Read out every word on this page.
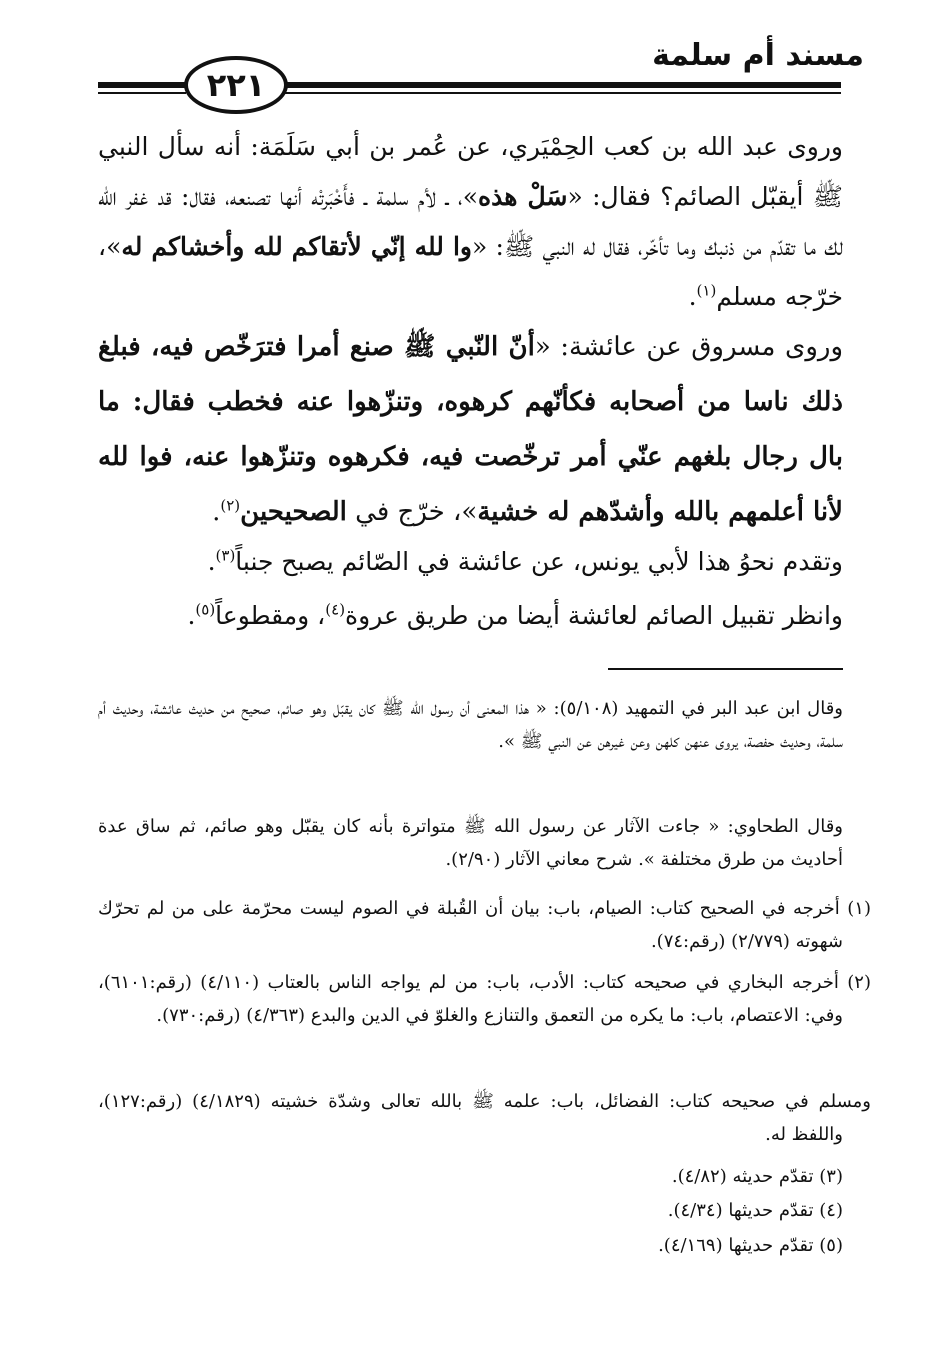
مسند أم سلمة
٢٢١

وروى عبد الله بن كعب الحِمْيَري، عن عُمر بن أبي سَلَمَة: أنه سأل النبي ﷺ أيقبّل الصائم؟ فقال: «سَلْ هذه»، ـ لأم سلمة ـ فأَخْبَرتْه أنها تصنعه، فقال: قد غفر الله لك ما تقدّم من ذنبك وما تأخّر، فقال له النبي ﷺ: «وا لله إنّي لأتقاكم لله وأخشاكم له»، خرّجه مسلم$^{(١)}$.

وروى مسروق عن عائشة: «أنّ النّبي ﷺ صنع أمرا فترَخّص فيه، فبلغ ذلك ناسا من أصحابه فكأنّهم كرهوه، وتنزّهوا عنه فخطب فقال: ما بال رجال بلغهم عنّي أمر ترخّصت فيه، فكرهوه وتنزّهوا عنه، فوا لله لأنا أعلمهم بالله وأشدّهم له خشية»، خرّج في الصحيحين$^{(٢)}$.

وتقدم نحوُ هذا لأبي يونس، عن عائشة في الصّائم يصبح جنباً$^{(٣)}$.

وانظر تقبيل الصائم لعائشة أيضا من طريق عروة$^{(٤)}$، ومقطوعاً$^{(٥)}$.

وقال ابن عبد البر في التمهيد (٥/١٠٨): « هذا المعنى أن رسول الله ﷺ كان يقبّل وهو صائم، صحيح من حديث عائشة، وحديث أم سلمة، وحديث حفصة، يروى عنهن كلهن وعن غيرهن عن النبي ﷺ ».

وقال الطحاوي: « جاءت الآثار عن رسول الله ﷺ متواترة بأنه كان يقبّل وهو صائم، ثم ساق عدة أحاديث من طرق مختلفة ». شرح معاني الآثار (٢/٩٠).

(١) أخرجه في الصحيح كتاب: الصيام، باب: بيان أن القُبلة في الصوم ليست محرّمة على من لم تحرّك شهوته (٢/٧٧٩) (رقم:٧٤).

(٢) أخرجه البخاري في صحيحه كتاب: الأدب، باب: من لم يواجه الناس بالعتاب (٤/١١٠) (رقم:٦١٠١)، وفي: الاعتصام، باب: ما يكره من التعمق والتنازع والغلوّ في الدين والبدع (٤/٣٦٣) (رقم:٧٣٠).

ومسلم في صحيحه كتاب: الفضائل، باب: علمه ﷺ بالله تعالى وشدّة خشيته (٤/١٨٢٩) (رقم:١٢٧)، واللفظ له.

(٣) تقدّم حديثه (٤/٨٢).

(٤) تقدّم حديثها (٤/٣٤).

(٥) تقدّم حديثها (٤/١٦٩).
